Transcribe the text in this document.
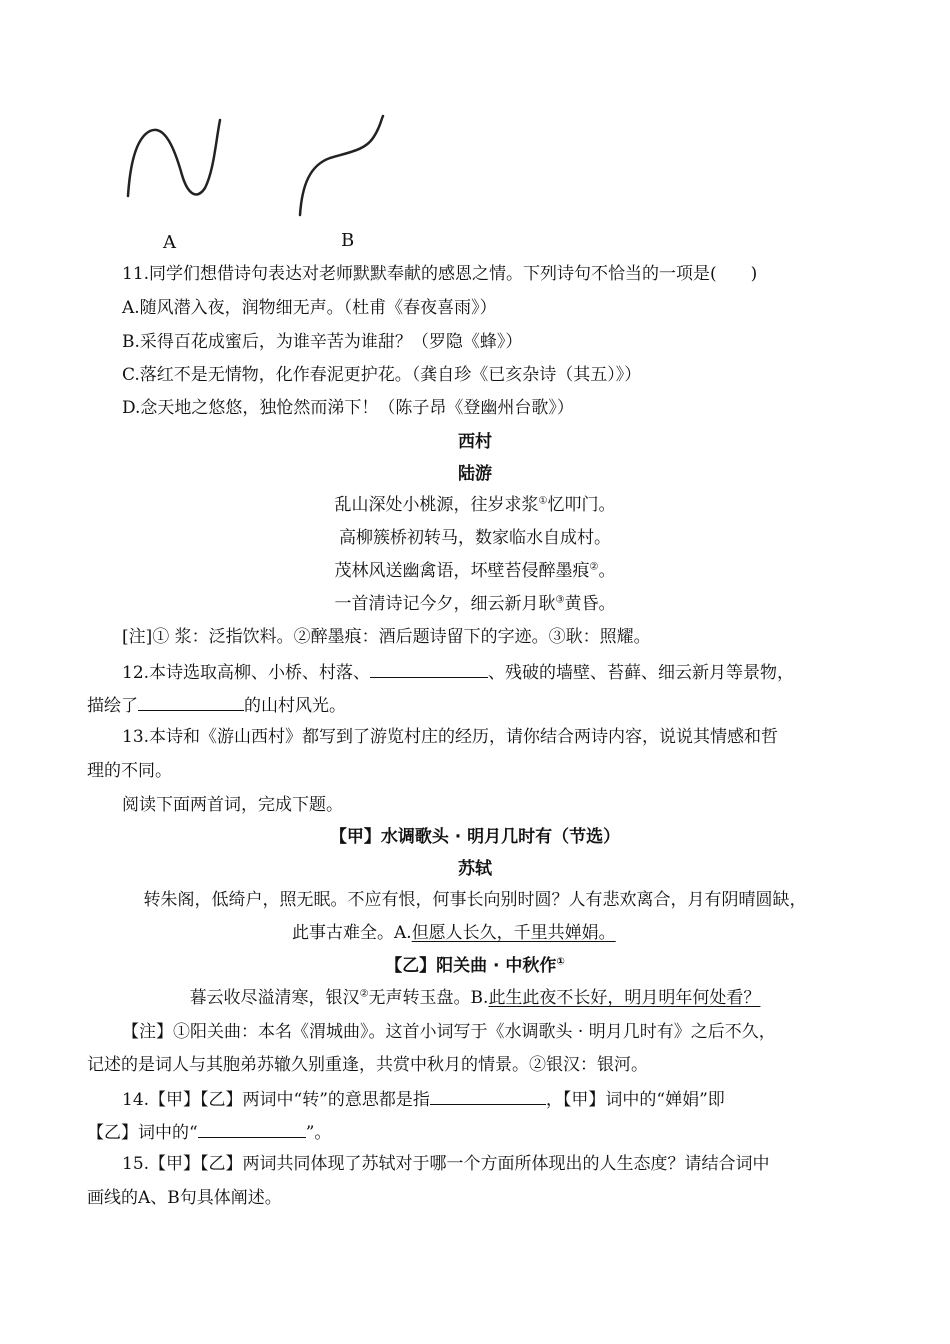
A	B
11.同学们想借诗句表达对老师默默奉献的感恩之情。下列诗句不恰当的一项是(　　)
A.随风潜入夜，润物细无声。（杜甫《春夜喜雨》）
B.采得百花成蜜后，为谁辛苦为谁甜？（罗隐《蜂》）
C.落红不是无情物，化作春泥更护花。（龚自珍《已亥杂诗（其五）》）
D.念天地之悠悠，独怆然而涕下！（陈子昂《登幽州台歌》）
西村
陆游
乱山深处小桃源，往岁求浆①忆叩门。
高柳簇桥初转马，数家临水自成村。
茂林风送幽禽语，坏壁苔侵醉墨痕②。
一首清诗记今夕，细云新月耿③黄昏。
[注]① 浆：泛指饮料。②醉墨痕：酒后题诗留下的字迹。③耿：照耀。
12.本诗选取高柳、小桥、村落、	、残破的墙壁、苔藓、细云新月等景物，
描绘了	的山村风光。
13.本诗和《游山西村》都写到了游览村庄的经历，请你结合两诗内容，说说其情感和哲
理的不同。
阅读下面两首词，完成下题。
【甲】水调歌头 · 明月几时有（节选）
苏轼
转朱阁，低绮户，照无眠。不应有恨，何事长向别时圆？人有悲欢离合，月有阴晴圆缺，
此事古难全。A.但愿人长久，千里共婵娟。
【乙】阳关曲 · 中秋作①
暮云收尽溢清寒，银汉②无声转玉盘。B.此生此夜不长好，明月明年何处看？
【注】①阳关曲：本名《渭城曲》。这首小词写于《水调歌头 · 明月几时有》之后不久，
记述的是词人与其胞弟苏辙久别重逢，共赏中秋月的情景。②银汉：银河。
14.【甲】【乙】两词中“转”的意思都是指	，【甲】词中的“婵娟”即
【乙】词中的“	”。
15.【甲】【乙】两词共同体现了苏轼对于哪一个方面所体现出的人生态度？请结合词中
画线的A、B句具体阐述。
